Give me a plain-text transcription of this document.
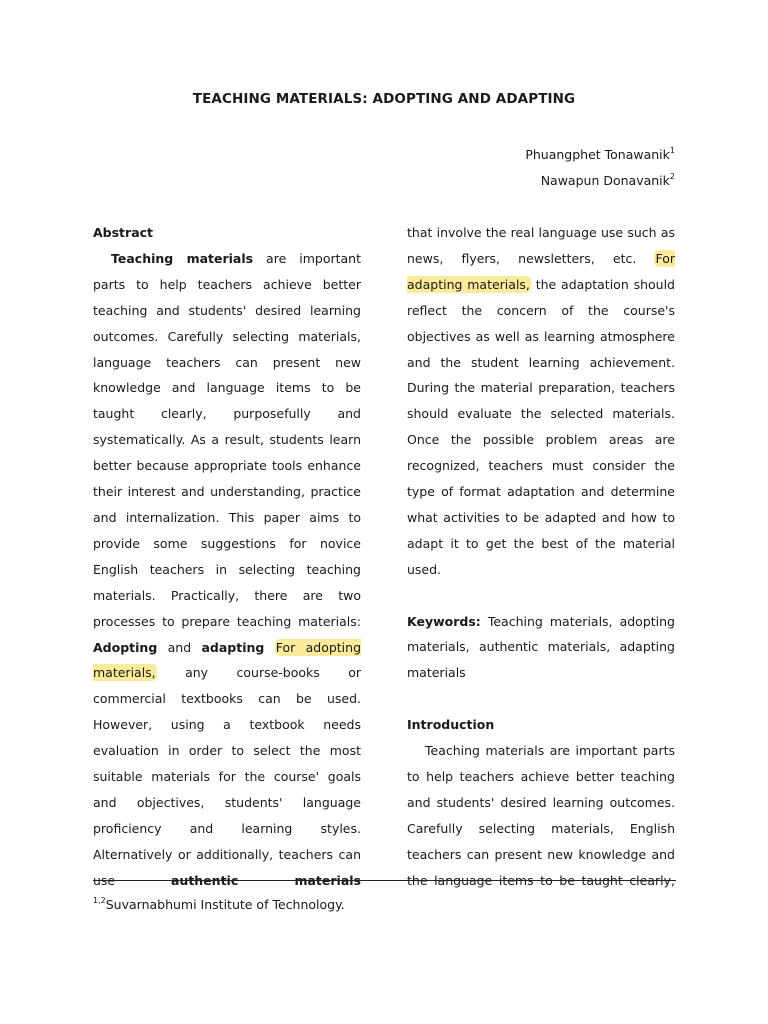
TEACHING MATERIALS: ADOPTING AND ADAPTING
Phuangphet Tonawanik$^1$
Nawapun Donavanik$^2$

Abstract

Teaching materials are important parts to help teachers achieve better teaching and students' desired learning outcomes. Carefully selecting materials, language teachers can present new knowledge and language items to be taught clearly, purposefully and systematically. As a result, students learn better because appropriate tools enhance their interest and understanding, practice and internalization. This paper aims to provide some suggestions for novice English teachers in selecting teaching materials. Practically, there are two processes to prepare teaching materials: Adopting and adapting For adopting materials, any course-books or commercial textbooks can be used. However, using a textbook needs evaluation in order to select the most suitable materials for the course' goals and objectives, students' language proficiency and learning styles. Alternatively or additionally, teachers can use authentic materials

that involve the real language use such as news, flyers, newsletters, etc. For adapting materials, the adaptation should reflect the concern of the course's objectives as well as learning atmosphere and the student learning achievement. During the material preparation, teachers should evaluate the selected materials. Once the possible problem areas are recognized, teachers must consider the type of format adaptation and determine what activities to be adapted and how to adapt it to get the best of the material used.

Keywords: Teaching materials, adopting materials, authentic materials, adapting materials

Introduction

Teaching materials are important parts to help teachers achieve better teaching and students' desired learning outcomes. Carefully selecting materials, English teachers can present new knowledge and the language items to be taught clearly,

$^{1,2}$Suvarnabhumi Institute of Technology.
